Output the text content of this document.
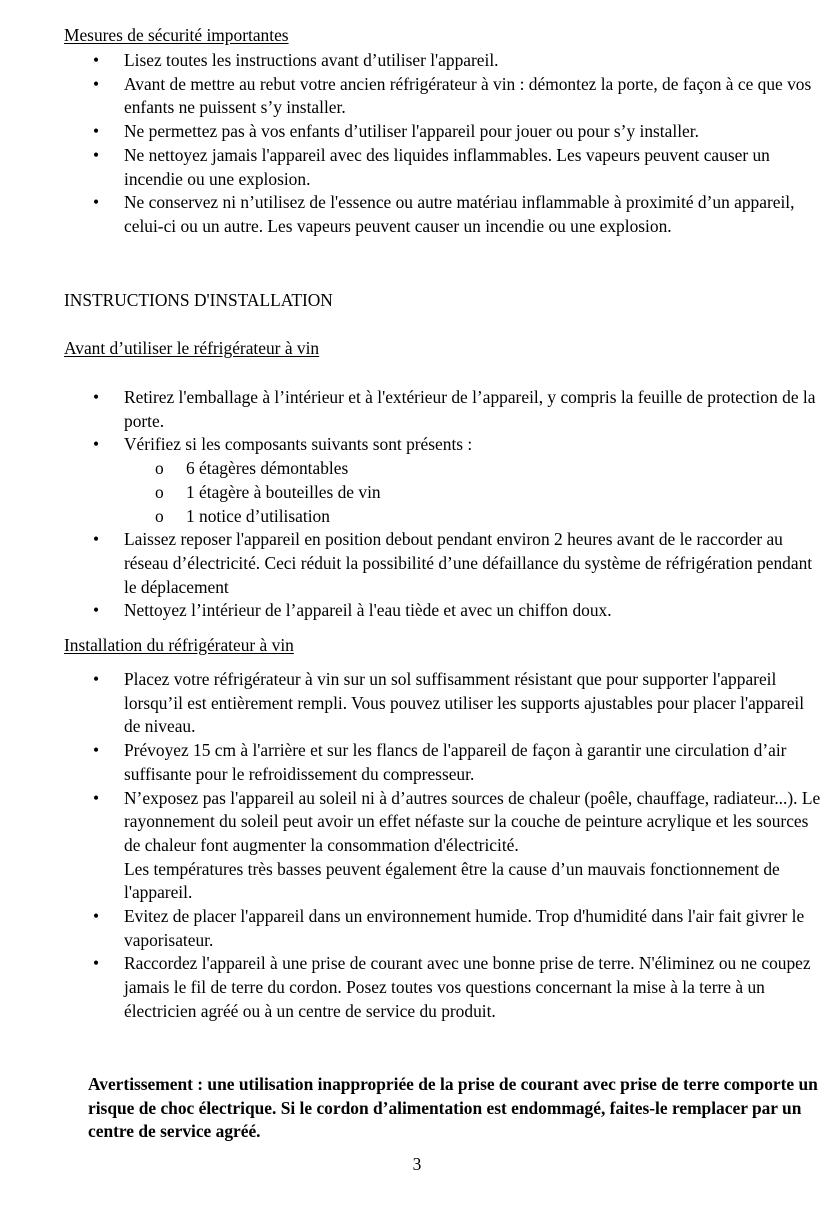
Mesures de sécurité importantes
• Lisez toutes les instructions avant d’utiliser l'appareil.
• Avant de mettre au rebut votre ancien réfrigérateur à vin : démontez la porte, de façon à ce que vos enfants ne puissent s’y installer.
• Ne permettez pas à vos enfants d’utiliser l'appareil pour jouer ou pour s’y installer.
• Ne nettoyez jamais l'appareil avec des liquides inflammables. Les vapeurs peuvent causer un incendie ou une explosion.
• Ne conservez ni n’utilisez de l'essence ou autre matériau inflammable à proximité d’un appareil, celui-ci ou un autre. Les vapeurs peuvent causer un incendie ou une explosion.
INSTRUCTIONS D'INSTALLATION
Avant d’utiliser le réfrigérateur à vin
• Retirez l'emballage à l’intérieur et à l'extérieur de l’appareil, y compris la feuille de protection de la porte.
• Vérifiez si les composants suivants sont présents :
o 6 étagères démontables
o 1 étagère à bouteilles de vin
o 1 notice d’utilisation
• Laissez reposer l'appareil en position debout pendant environ 2 heures avant de le raccorder au réseau d’électricité. Ceci réduit la possibilité d’une défaillance du système de réfrigération pendant le déplacement
• Nettoyez l’intérieur de l’appareil à l'eau tiède et avec un chiffon doux.
Installation du réfrigérateur à vin
• Placez votre réfrigérateur à vin sur un sol suffisamment résistant que pour supporter l'appareil lorsqu’il est entièrement rempli. Vous pouvez utiliser les supports ajustables pour placer l'appareil de niveau.
• Prévoyez 15 cm à l'arrière et sur les flancs de l'appareil de façon à garantir une circulation d’air suffisante pour le refroidissement du compresseur.
• N’exposez pas l'appareil au soleil ni à d’autres sources de chaleur (poêle, chauffage, radiateur...). Le rayonnement du soleil peut avoir un effet néfaste sur la couche de peinture acrylique et les sources de chaleur font augmenter la consommation d'électricité.
Les températures très basses peuvent également être la cause d’un mauvais fonctionnement de l'appareil.
• Evitez de placer l'appareil dans un environnement humide. Trop d'humidité dans l'air fait givrer le vaporisateur.
• Raccordez l'appareil à une prise de courant avec une bonne prise de terre. N'éliminez ou ne coupez jamais le fil de terre du cordon. Posez toutes vos questions concernant la mise à la terre à un électricien agréé ou à un centre de service du produit.
Avertissement : une utilisation inappropriée de la prise de courant avec prise de terre comporte un risque de choc électrique. Si le cordon d’alimentation est endommagé, faites-le remplacer par un centre de service agréé.
3
